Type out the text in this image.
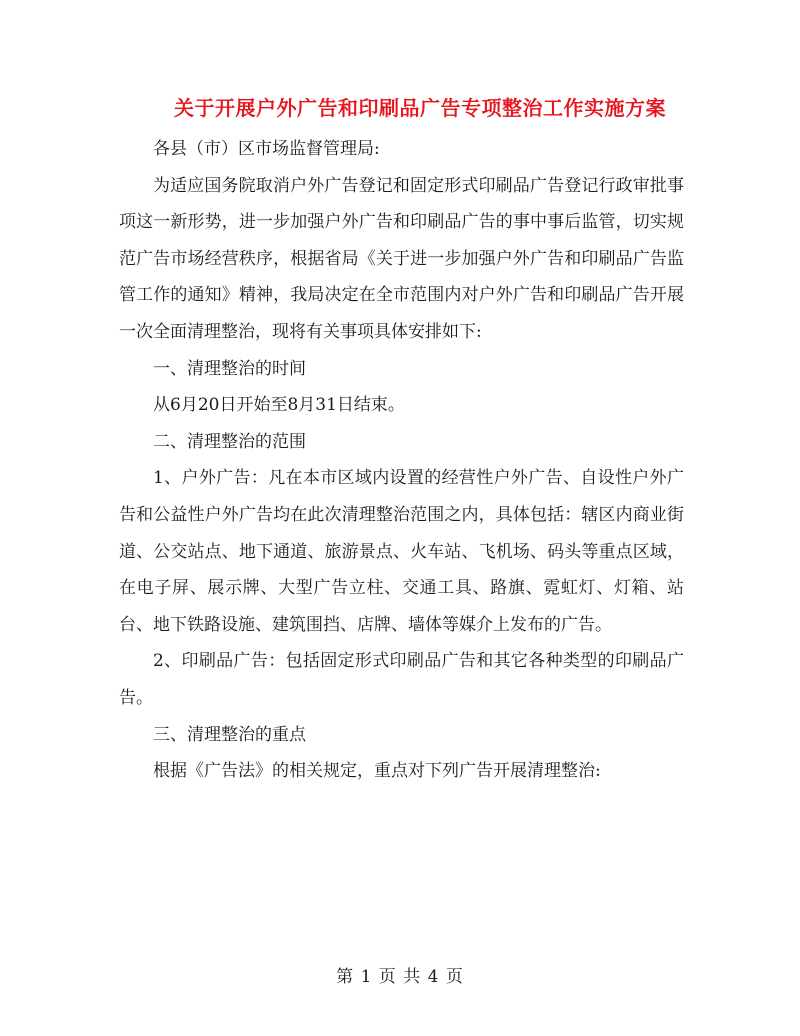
关于开展户外广告和印刷品广告专项整治工作实施方案

各县（市）区市场监督管理局:

为适应国务院取消户外广告登记和固定形式印刷品广告登记行政审批事项这一新形势，进一步加强户外广告和印刷品广告的事中事后监管，切实规范广告市场经营秩序，根据省局《关于进一步加强户外广告和印刷品广告监管工作的通知》精神，我局决定在全市范围内对户外广告和印刷品广告开展一次全面清理整治，现将有关事项具体安排如下:

一、清理整治的时间

从6月20日开始至8月31日结束。

二、清理整治的范围

1、户外广告：凡在本市区域内设置的经营性户外广告、自设性户外广告和公益性户外广告均在此次清理整治范围之内，具体包括：辖区内商业街道、公交站点、地下通道、旅游景点、火车站、飞机场、码头等重点区域，在电子屏、展示牌、大型广告立柱、交通工具、路旗、霓虹灯、灯箱、站台、地下铁路设施、建筑围挡、店牌、墙体等媒介上发布的广告。

2、印刷品广告：包括固定形式印刷品广告和其它各种类型的印刷品广告。

三、清理整治的重点

根据《广告法》的相关规定，重点对下列广告开展清理整治:

第 1 页 共 4 页
